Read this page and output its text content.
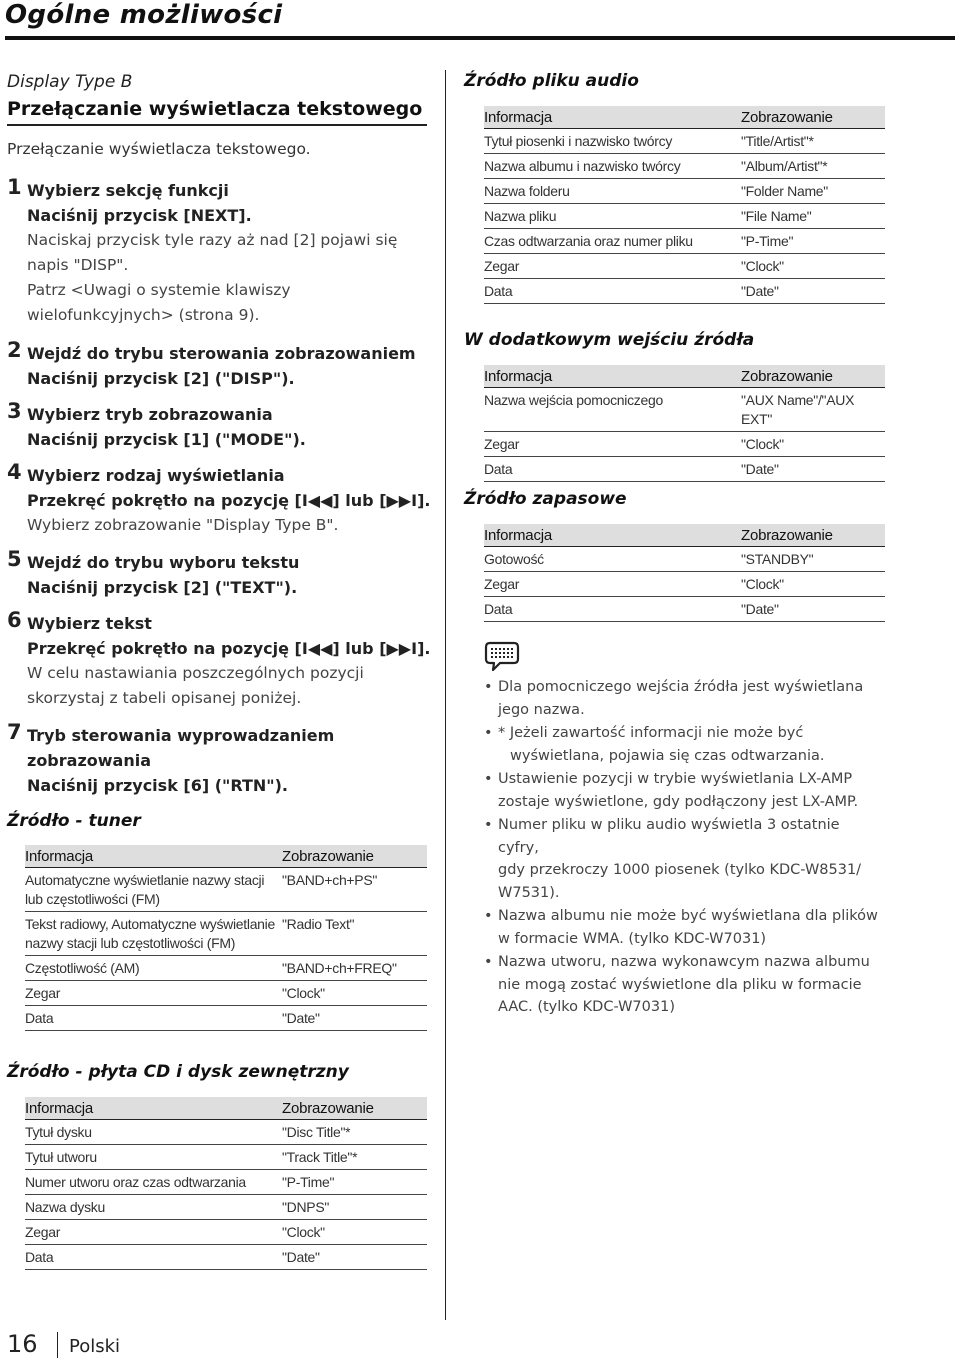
Ogólne możliwości
Display Type B
Przełączanie wyświetlacza tekstowego
Przełączanie wyświetlacza tekstowego.
1 Wybierz sekcję funkcji
Naciśnij przycisk [NEXT].
Naciskaj przycisk tyle razy aż nad [2] pojawi się
napis "DISP".
Patrz <Uwagi o systemie klawiszy
wielofunkcyjnych> (strona 9).
2 Wejdź do trybu sterowania zobrazowaniem
Naciśnij przycisk [2] ("DISP").
3 Wybierz tryb zobrazowania
Naciśnij przycisk [1] ("MODE").
4 Wybierz rodzaj wyświetlania
Przekręć pokrętło na pozycję [I◀◀] lub [▶▶I].
Wybierz zobrazowanie "Display Type B".
5 Wejdź do trybu wyboru tekstu
Naciśnij przycisk [2] ("TEXT").
6 Wybierz tekst
Przekręć pokrętło na pozycję [I◀◀] lub [▶▶I].
W celu nastawiania poszczególnych pozycji
skorzystaj z tabeli opisanej poniżej.
7 Tryb sterowania wyprowadzaniem
zobrazowania
Naciśnij przycisk [6] ("RTN").
Źródło - tuner
Informacja	Zobrazowanie
Automatyczne wyświetlanie nazwy stacji lub częstotliwości (FM)	"BAND+ch+PS"
Tekst radiowy, Automatyczne wyświetlanie nazwy stacji lub częstotliwości (FM)	"Radio Text"
Częstotliwość (AM)	"BAND+ch+FREQ"
Zegar	"Clock"
Data	"Date"
Źródło - płyta CD i dysk zewnętrzny
Informacja	Zobrazowanie
Tytuł dysku	"Disc Title"*
Tytuł utworu	"Track Title"*
Numer utworu oraz czas odtwarzania	"P-Time"
Nazwa dysku	"DNPS"
Zegar	"Clock"
Data	"Date"
Źródło pliku audio
Informacja	Zobrazowanie
Tytuł piosenki i nazwisko twórcy	"Title/Artist"*
Nazwa albumu i nazwisko twórcy	"Album/Artist"*
Nazwa folderu	"Folder Name"
Nazwa pliku	"File Name"
Czas odtwarzania oraz numer pliku	"P-Time"
Zegar	"Clock"
Data	"Date"
W dodatkowym wejściu źródła
Informacja	Zobrazowanie
Nazwa wejścia pomocniczego	"AUX Name"/"AUX EXT"
Zegar	"Clock"
Data	"Date"
Źródło zapasowe
Informacja	Zobrazowanie
Gotowość	"STANDBY"
Zegar	"Clock"
Data	"Date"
• Dla pomocniczego wejścia źródła jest wyświetlana
jego nazwa.
• * Jeżeli zawartość informacji nie może być
wyświetlana, pojawia się czas odtwarzania.
• Ustawienie pozycji w trybie wyświetlania LX-AMP
zostaje wyświetlone, gdy podłączony jest LX-AMP.
• Numer pliku w pliku audio wyświetla 3 ostatnie cyfry,
gdy przekroczy 1000 piosenek (tylko KDC-W8531/
W7531).
• Nazwa albumu nie może być wyświetlana dla plików
w formacie WMA. (tylko KDC-W7031)
• Nazwa utworu, nazwa wykonawcym nazwa albumu
nie mogą zostać wyświetlone dla pliku w formacie
AAC. (tylko KDC-W7031)
16 Polski
